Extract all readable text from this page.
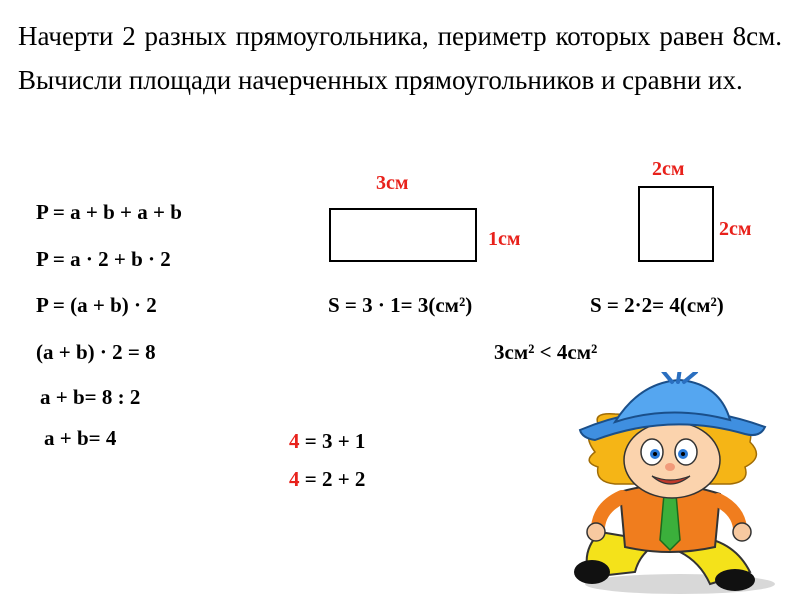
Начерти 2 разных прямоугольника, периметр которых равен 8см. Вычисли площади начерченных прямоугольников и сравни их.
P = a + b + a + b
P = a · 2 + b · 2
P = (a + b) · 2
(a + b) · 2 = 8
a + b= 8 : 2
a + b= 4
3см
1см
S = 3 · 1= 3(см²)
2см
2см
S = 2·2= 4(см²)
3см² < 4см²
4 = 3 + 1
4 = 2 + 2
